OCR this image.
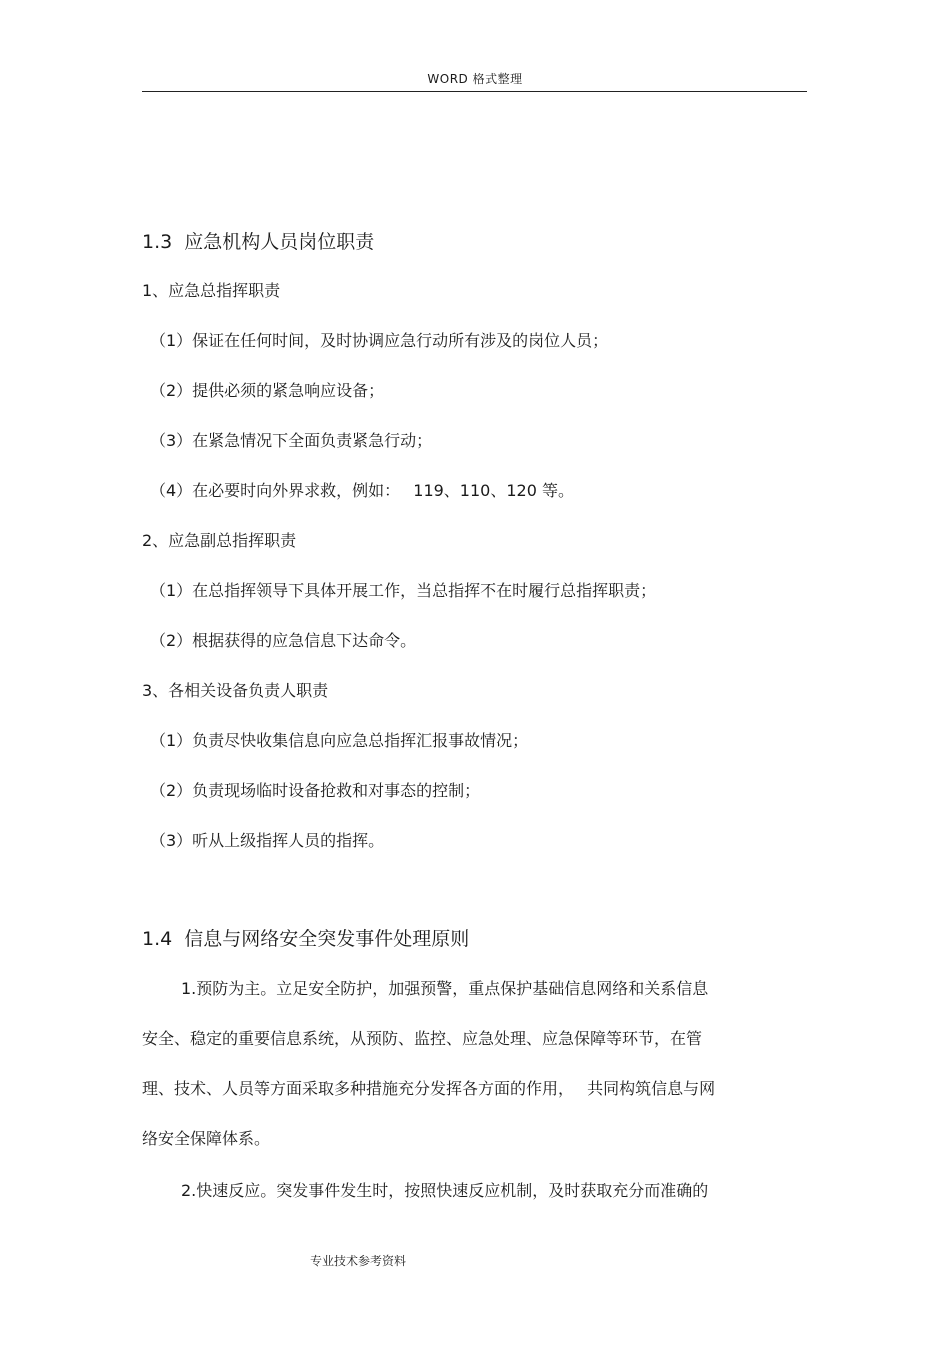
WORD 格式整理
1.3 应急机构人员岗位职责
1、应急总指挥职责
（1）保证在任何时间，及时协调应急行动所有涉及的岗位人员；
（2）提供必须的紧急响应设备；
（3）在紧急情况下全面负责紧急行动；
（4）在必要时向外界求救，例如：　 119、110、120 等。
2、应急副总指挥职责
（1）在总指挥领导下具体开展工作，当总指挥不在时履行总指挥职责；
（2）根据获得的应急信息下达命令。
3、各相关设备负责人职责
（1）负责尽快收集信息向应急总指挥汇报事故情况；
（2）负责现场临时设备抢救和对事态的控制；
（3）听从上级指挥人员的指挥。
1.4 信息与网络安全突发事件处理原则
1.预防为主。立足安全防护，加强预警，重点保护基础信息网络和关系信息
安全、稳定的重要信息系统，从预防、监控、应急处理、应急保障等环节，在管
理、技术、人员等方面采取多种措施充分发挥各方面的作用，　 共同构筑信息与网
络安全保障体系。
2.快速反应。突发事件发生时，按照快速反应机制，及时获取充分而准确的
专业技术参考资料
